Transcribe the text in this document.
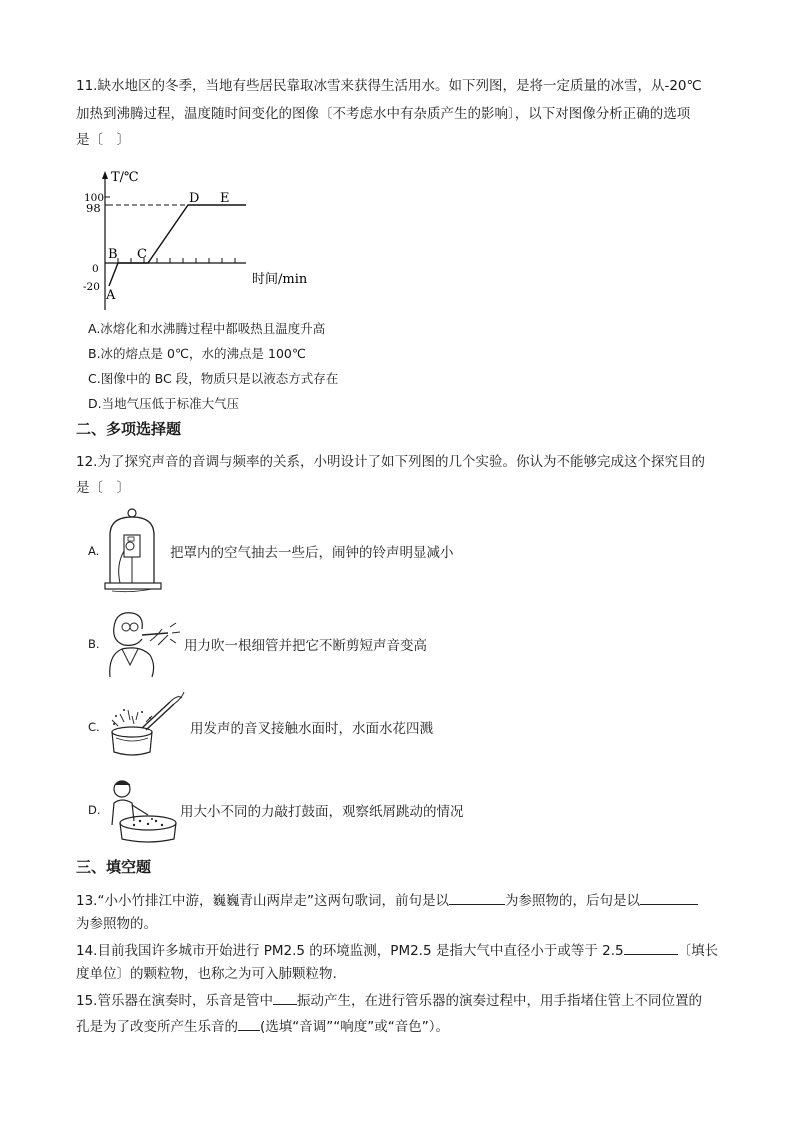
11.缺水地区的冬季，当地有些居民靠取冰雪来获得生活用水。如下列图，是将一定质量的冰雪，从-20℃
加热到沸腾过程，温度随时间变化的图像〔不考虑水中有杂质产生的影响〕，以下对图像分析正确的选项
是〔　〕
T/℃
100
98
0
-20
A
B C
D E
时间/min
A.冰熔化和水沸腾过程中都吸热且温度升高
B.冰的熔点是 0℃，水的沸点是 100℃
C.图像中的 BC 段，物质只是以液态方式存在
D.当地气压低于标准大气压
二、多项选择题
12.为了探究声音的音调与频率的关系，小明设计了如下列图的几个实验。你认为不能够完成这个探究目的
是〔　〕
A.	把罩内的空气抽去一些后，闹钟的铃声明显减小
B.	用力吹一根细管并把它不断剪短声音变高
C.	用发声的音叉接触水面时，水面水花四溅
D.	用大小不同的力敲打鼓面，观察纸屑跳动的情况
三、填空题
13.“小小竹排江中游，巍巍青山两岸走”这两句歌词，前句是以	为参照物的，后句是以
为参照物的。
14.目前我国许多城市开始进行 PM2.5 的环境监测，PM2.5 是指大气中直径小于或等于 2.5	〔填长
度单位〕的颗粒物，也称之为可入肺颗粒物.
15.管乐器在演奏时，乐音是管中 振动产生，在进行管乐器的演奏过程中，用手指堵住管上不同位置的
孔是为了改变所产生乐音的 (选填“音调”“响度”或“音色”）。
